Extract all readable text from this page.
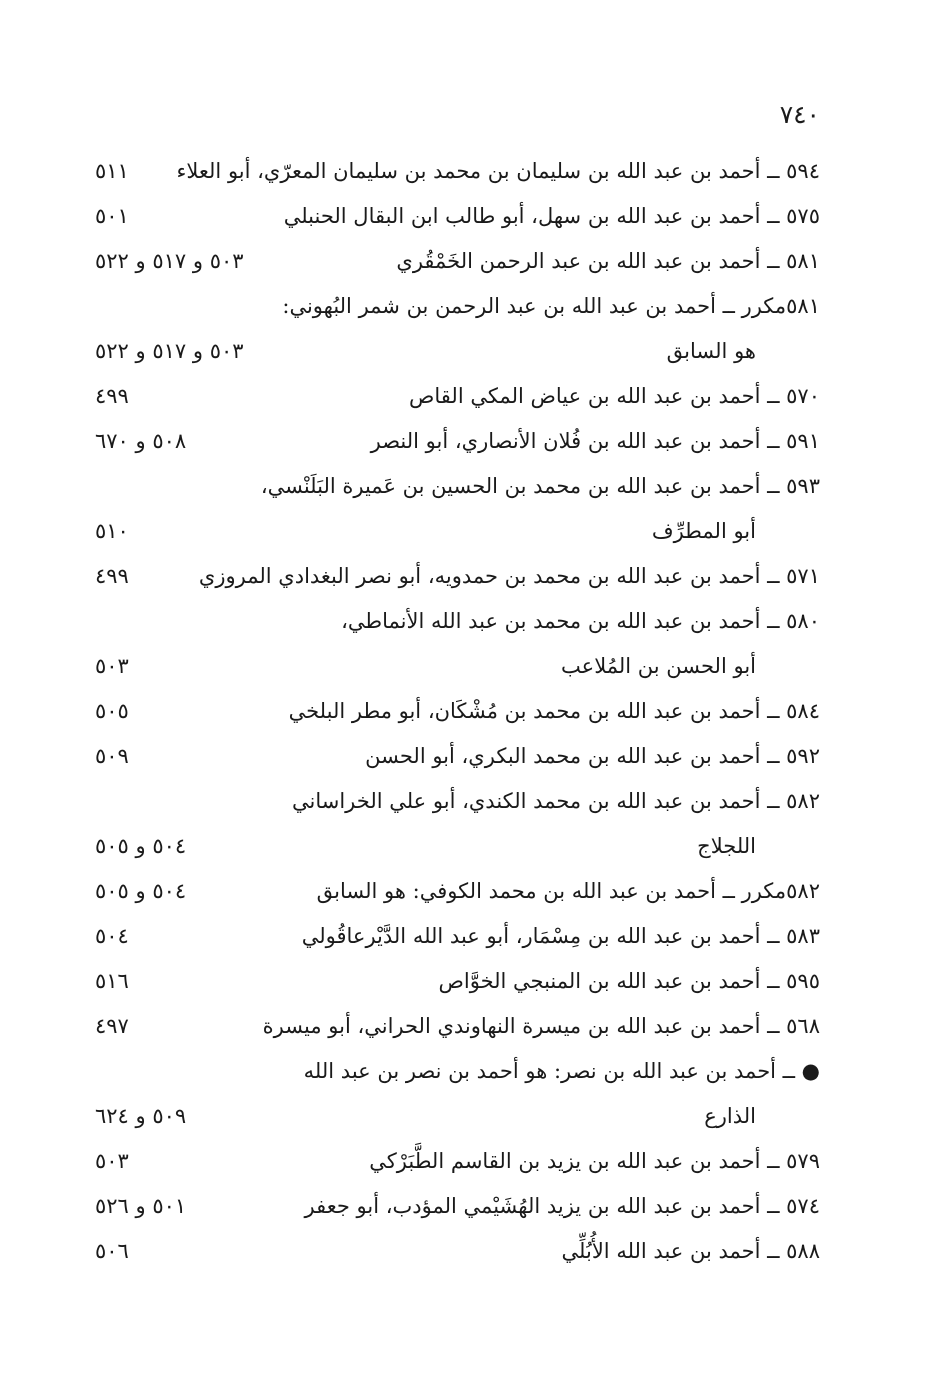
٧٤٠
٥٩٤ ــ أحمد بن عبد الله بن سليمان بن محمد بن سليمان المعرّي، أبو العلاء
٥١١
٥٧٥ ــ أحمد بن عبد الله بن سهل، أبو طالب ابن البقال الحنبلي
٥٠١
٥٨١ ــ أحمد بن عبد الله بن عبد الرحمن الخَمْقُري
٥٠٣ و ٥١٧ و ٥٢٢
٥٨١مكرر ــ أحمد بن عبد الله بن عبد الرحمن بن شمر البُهوني:
هو السابق
٥٠٣ و ٥١٧ و ٥٢٢
٥٧٠ ــ أحمد بن عبد الله بن عياض المكي القاص
٤٩٩
٥٩١ ــ أحمد بن عبد الله بن فُلان الأنصاري، أبو النصر
٥٠٨ و ٦٧٠
٥٩٣ ــ أحمد بن عبد الله بن محمد بن الحسين بن عَميرة البَلَنْسي،
أبو المطرِّف
٥١٠
٥٧١ ــ أحمد بن عبد الله بن محمد بن حمدويه، أبو نصر البغدادي المروزي
٤٩٩
٥٨٠ ــ أحمد بن عبد الله بن محمد بن عبد الله الأنماطي،
أبو الحسن بن المُلاعب
٥٠٣
٥٨٤ ــ أحمد بن عبد الله بن محمد بن مُشْكَان، أبو مطر البلخي
٥٠٥
٥٩٢ ــ أحمد بن عبد الله بن محمد البكري، أبو الحسن
٥٠٩
٥٨٢ ــ أحمد بن عبد الله بن محمد الكندي، أبو علي الخراساني
اللجلاج
٥٠٤ و ٥٠٥
٥٨٢مكرر ــ أحمد بن عبد الله بن محمد الكوفي: هو السابق
٥٠٤ و ٥٠٥
٥٨٣ ــ أحمد بن عبد الله بن مِسْمَار، أبو عبد الله الدَّيْرعاقُولي
٥٠٤
٥٩٥ ــ أحمد بن عبد الله بن المنبجي الخوَّاص
٥١٦
٥٦٨ ــ أحمد بن عبد الله بن ميسرة النهاوندي الحراني، أبو ميسرة
٤٩٧
● ــ أحمد بن عبد الله بن نصر: هو أحمد بن نصر بن عبد الله
الذارع
٥٠٩ و ٦٢٤
٥٧٩ ــ أحمد بن عبد الله بن يزيد بن القاسم الطَّبَرْكي
٥٠٣
٥٧٤ ــ أحمد بن عبد الله بن يزيد الهُشَيْمي المؤدب، أبو جعفر
٥٠١ و ٥٢٦
٥٨٨ ــ أحمد بن عبد الله الأُبُلِّي
٥٠٦
